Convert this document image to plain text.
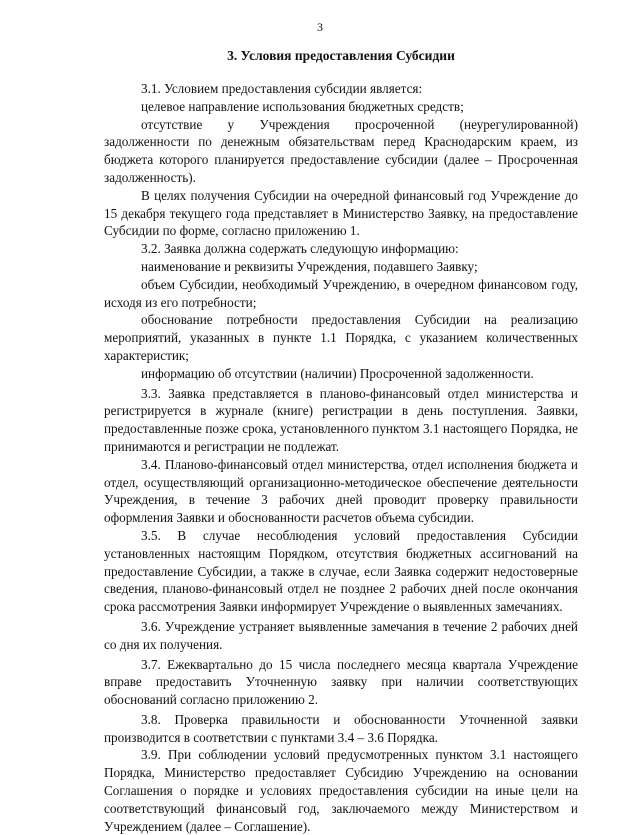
3
3. Условия предоставления Субсидии

3.1. Условием предоставления субсидии является:

целевое направление использования бюджетных средств;

отсутствие у Учреждения просроченной (неурегулированной) задолженности по денежным обязательствам перед Краснодарским краем, из бюджета которого планируется предоставление субсидии (далее – Просроченная задолженность).

В целях получения Субсидии на очередной финансовый год Учреждение до 15 декабря текущего года представляет в Министерство Заявку, на предоставление Субсидии по форме, согласно приложению 1.

3.2. Заявка должна содержать следующую информацию:

наименование и реквизиты Учреждения, подавшего Заявку;

объем Субсидии, необходимый Учреждению, в очередном финансовом году, исходя из его потребности;

обоснование потребности предоставления Субсидии на реализацию мероприятий, указанных в пункте 1.1 Порядка, с указанием количественных характеристик;

информацию об отсутствии (наличии) Просроченной задолженности.

3.3. Заявка представляется в планово-финансовый отдел министерства и регистрируется в журнале (книге) регистрации в день поступления. Заявки, предоставленные позже срока, установленного пунктом 3.1 настоящего Порядка, не принимаются и регистрации не подлежат.

3.4. Планово-финансовый отдел министерства, отдел исполнения бюджета и отдел, осуществляющий организационно-методическое обеспечение деятельности Учреждения, в течение 3 рабочих дней проводит проверку правильности оформления Заявки и обоснованности расчетов объема субсидии.

3.5. В случае несоблюдения условий предоставления Субсидии установленных настоящим Порядком, отсутствия бюджетных ассигнований на предоставление Субсидии, а также в случае, если Заявка содержит недостоверные сведения, планово-финансовый отдел не позднее 2 рабочих дней после окончания срока рассмотрения Заявки информирует Учреждение о выявленных замечаниях.

3.6. Учреждение устраняет выявленные замечания в течение 2 рабочих дней со дня их получения.

3.7. Ежеквартально до 15 числа последнего месяца квартала Учреждение вправе предоставить Уточненную заявку при наличии соответствующих обоснований согласно приложению 2.

3.8. Проверка правильности и обоснованности Уточненной заявки производится в соответствии с пунктами 3.4 – 3.6 Порядка.

3.9. При соблюдении условий предусмотренных пунктом 3.1 настоящего Порядка, Министерство предоставляет Субсидию Учреждению на основании Соглашения о порядке и условиях предоставления субсидии на иные цели на соответствующий финансовый год, заключаемого между Министерством и Учреждением (далее – Соглашение).
